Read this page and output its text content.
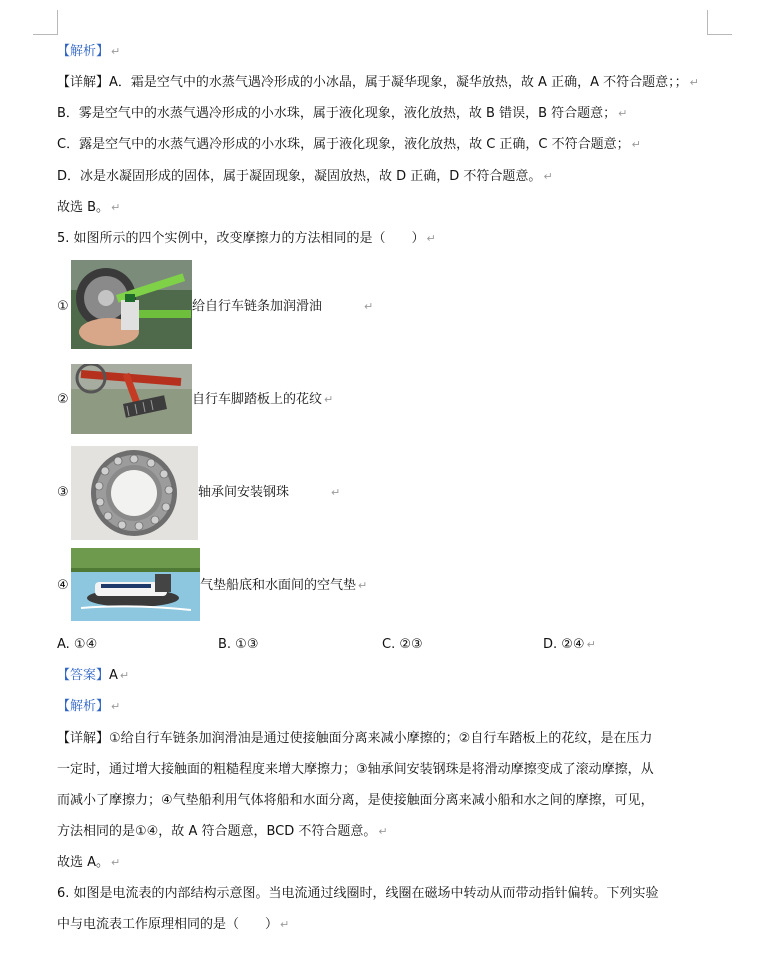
【解析】 ↵
【详解】A．霜是空气中的水蒸气遇冷形成的小冰晶，属于凝华现象，凝华放热，故 A 正确，A 不符合题意；； ↵
B．雾是空气中的水蒸气遇冷形成的小水珠，属于液化现象，液化放热，故 B 错误，B 符合题意； ↵
C．露是空气中的水蒸气遇冷形成的小水珠，属于液化现象，液化放热，故 C 正确，C 不符合题意； ↵
D．冰是水凝固形成的固体，属于凝固现象，凝固放热，故 D 正确，D 不符合题意。 ↵
故选 B。 ↵
5. 如图所示的四个实例中，改变摩擦力的方法相同的是（　　） ↵
①	给自行车链条加润滑油	↵
②	自行车脚踏板上的花纹 ↵
③	轴承间安装钢珠	↵
④	气垫船底和水面间的空气垫 ↵
A. ①④	B. ①③	C. ②③	D. ②④ ↵
【答案】A ↵
【解析】 ↵
【详解】①给自行车链条加润滑油是通过使接触面分离来减小摩擦的；②自行车踏板上的花纹，是在压力
一定时，通过增大接触面的粗糙程度来增大摩擦力；③轴承间安装钢珠是将滑动摩擦变成了滚动摩擦，从
而减小了摩擦力；④气垫船利用气体将船和水面分离，是使接触面分离来减小船和水之间的摩擦，可见，
方法相同的是①④，故 A 符合题意，BCD 不符合题意。 ↵
故选 A。 ↵
6. 如图是电流表的内部结构示意图。当电流通过线圈时，线圈在磁场中转动从而带动指针偏转。下列实验
中与电流表工作原理相同的是（　　） ↵
